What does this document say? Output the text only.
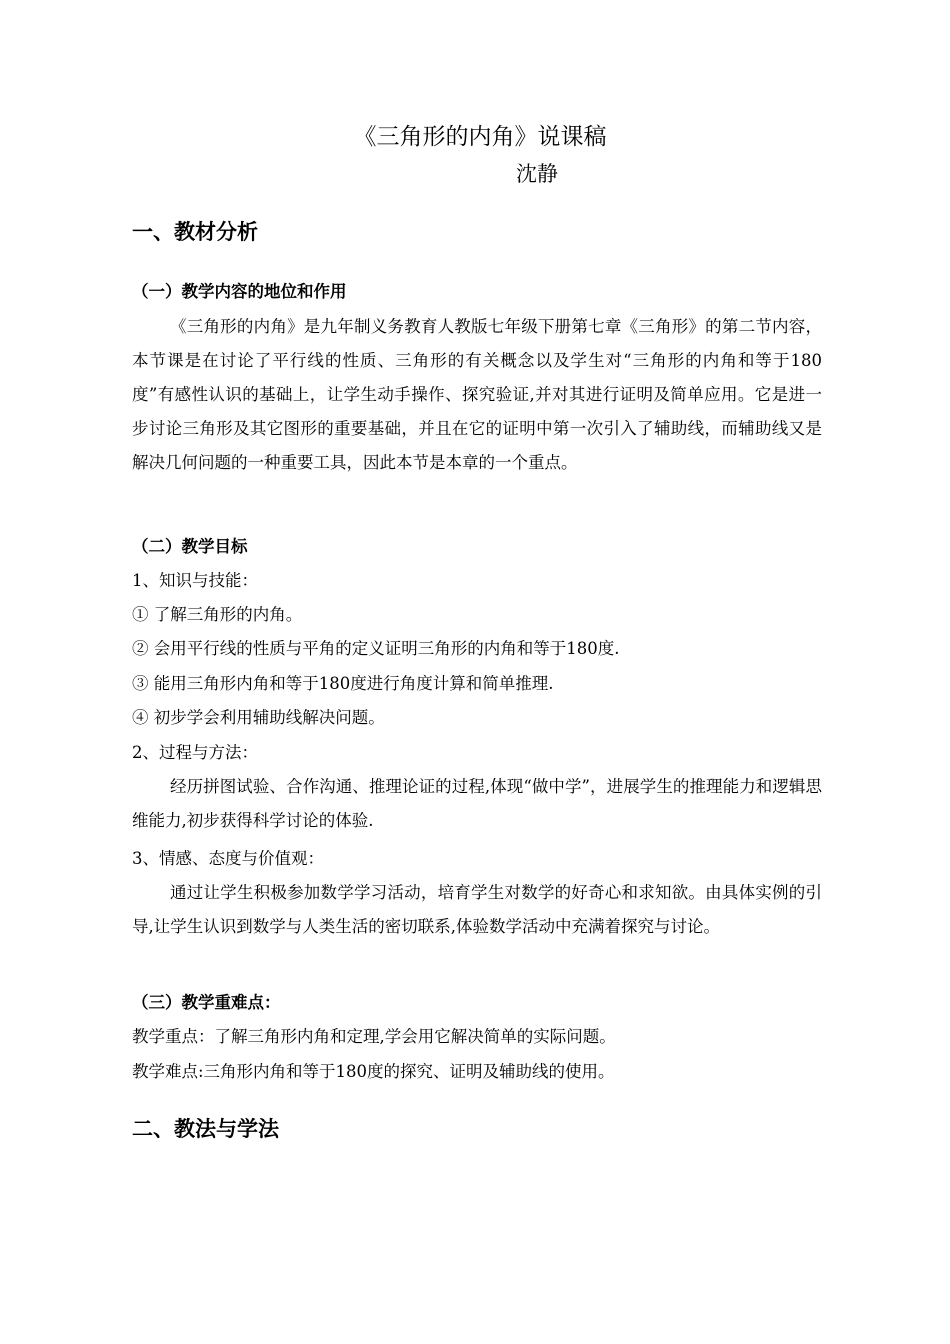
《三角形的内角》说课稿
沈静
一、教材分析
（一）教学内容的地位和作用

《三角形的内角》是九年制义务教育人教版七年级下册第七章《三角形》的第二节内容，本节课是在讨论了平行线的性质、三角形的有关概念以及学生对“三角形的内角和等于180度”有感性认识的基础上，让学生动手操作、探究验证,并对其进行证明及简单应用。它是进一步讨论三角形及其它图形的重要基础，并且在它的证明中第一次引入了辅助线，而辅助线又是解决几何问题的一种重要工具，因此本节是本章的一个重点。

（二）教学目标
1、知识与技能：
① 了解三角形的内角。
② 会用平行线的性质与平角的定义证明三角形的内角和等于180度.
③ 能用三角形内角和等于180度进行角度计算和简单推理.
④ 初步学会利用辅助线解决问题。
2、过程与方法：

经历拼图试验、合作沟通、推理论证的过程,体现“做中学”，进展学生的推理能力和逻辑思维能力,初步获得科学讨论的体验.

3、情感、态度与价值观：

通过让学生积极参加数学学习活动，培育学生对数学的好奇心和求知欲。由具体实例的引导,让学生认识到数学与人类生活的密切联系,体验数学活动中充满着探究与讨论。

（三）教学重难点：
教学重点：了解三角形内角和定理,学会用它解决简单的实际问题。
教学难点:三角形内角和等于180度的探究、证明及辅助线的使用。
二、教法与学法
